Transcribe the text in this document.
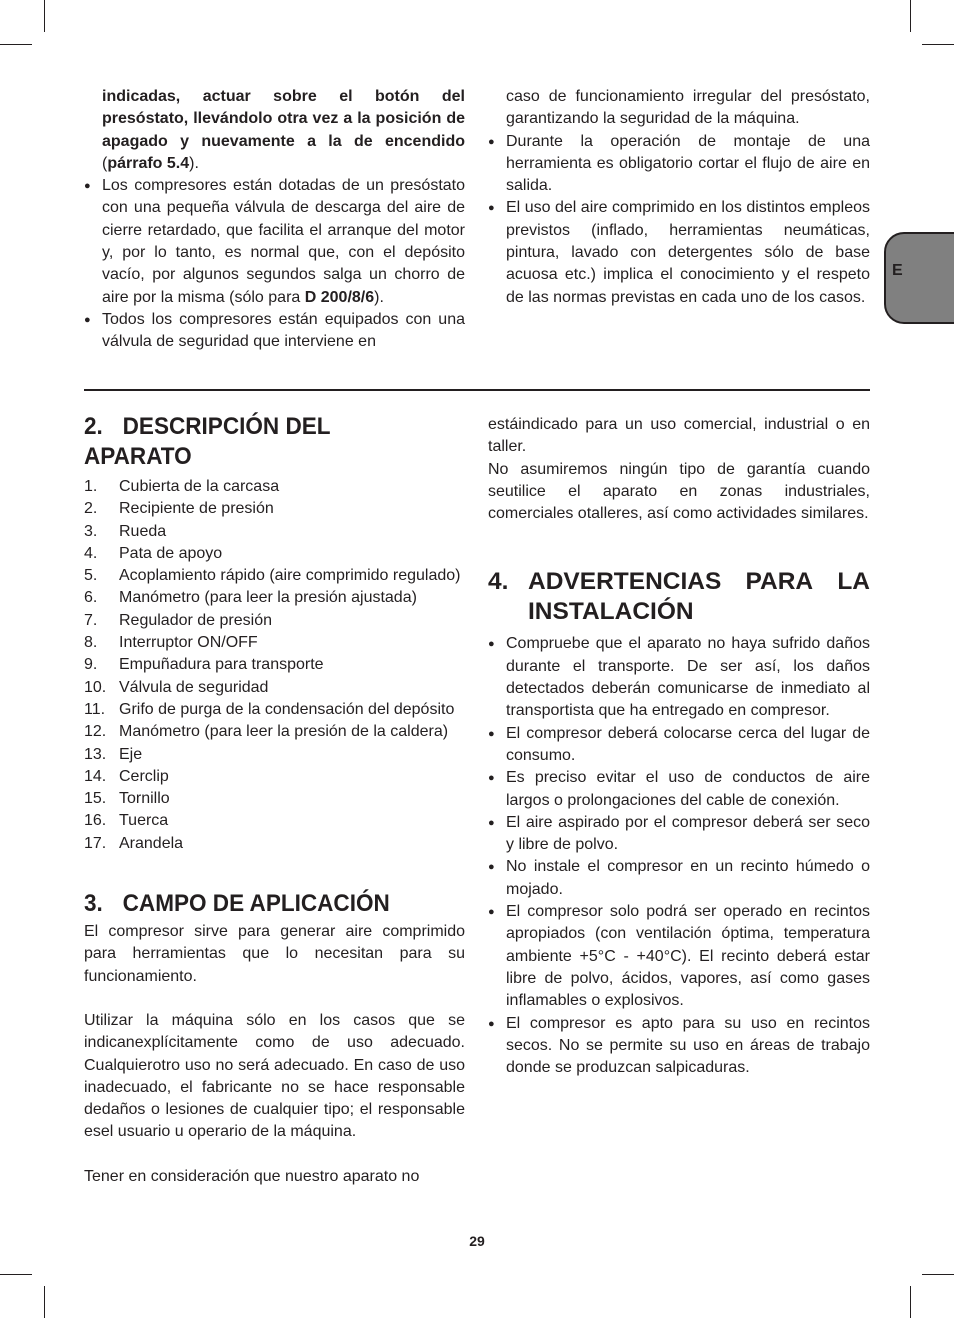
E

indicadas, actuar sobre el botón del presóstato, llevándolo otra vez a la posición de apagado y nuevamente a la de encendido (párrafo 5.4).

● Los compresores están dotadas de un presóstato con una pequeña válvula de descarga del aire de cierre retardado, que facilita el arranque del motor y, por lo tanto, es normal que, con el depósito vacío, por algunos segundos salga un chorro de aire por la misma (sólo para D 200/8/6).

● Todos los compresores están equipados con una válvula de seguridad que interviene en

caso de funcionamiento irregular del presóstato, garantizando la seguridad de la máquina.

● Durante la operación de montaje de una herramienta es obligatorio cortar el flujo de aire en salida.

● El uso del aire comprimido en los distintos empleos previstos (inflado, herramientas neumáticas, pintura, lavado con detergentes sólo de base acuosa etc.) implica el conocimiento y el respeto de las normas previstas en cada uno de los casos.

2. DESCRIPCIÓN DEL APARATO
1. Cubierta de la carcasa
2. Recipiente de presión
3. Rueda
4. Pata de apoyo
5. Acoplamiento rápido (aire comprimido regulado)
6. Manómetro (para leer la presión ajustada)
7. Regulador de presión
8. Interruptor ON/OFF
9. Empuñadura para transporte
10. Válvula de seguridad
11. Grifo de purga de la condensación del depósito
12. Manómetro (para leer la presión de la caldera)
13. Eje
14. Cerclip
15. Tornillo
16. Tuerca
17. Arandela
3. CAMPO DE APLICACIÓN

El compresor sirve para generar aire comprimido para herramientas que lo necesitan para su funcionamiento.

Utilizar la máquina sólo en los casos que se indicanexplícitamente como de uso adecuado. Cualquierotro uso no será adecuado. En caso de uso inadecuado, el fabricante no se hace responsable dedaños o lesiones de cualquier tipo; el responsable esel usuario u operario de la máquina.

Tener en consideración que nuestro aparato no

estáindicado para un uso comercial, industrial o en taller.

No asumiremos ningún tipo de garantía cuando seutilice el aparato en zonas industriales, comerciales otalleres, así como actividades similares.

4. ADVERTENCIAS PARA LA
INSTALACIÓN

● Compruebe que el aparato no haya sufrido daños durante el transporte. De ser así, los daños detectados deberán comunicarse de inmediato al transportista que ha entregado en compresor.

● El compresor deberá colocarse cerca del lugar de consumo.

● Es preciso evitar el uso de conductos de aire largos o prolongaciones del cable de conexión.

● El aire aspirado por el compresor deberá ser seco y libre de polvo.

● No instale el compresor en un recinto húmedo o mojado.

● El compresor solo podrá ser operado en recintos apropiados (con ventilación óptima, temperatura ambiente +5°C - +40°C). El recinto deberá estar libre de polvo, ácidos, vapores, así como gases inflamables o explosivos.

● El compresor es apto para su uso en recintos secos. No se permite su uso en áreas de trabajo donde se produzcan salpicaduras.

29
